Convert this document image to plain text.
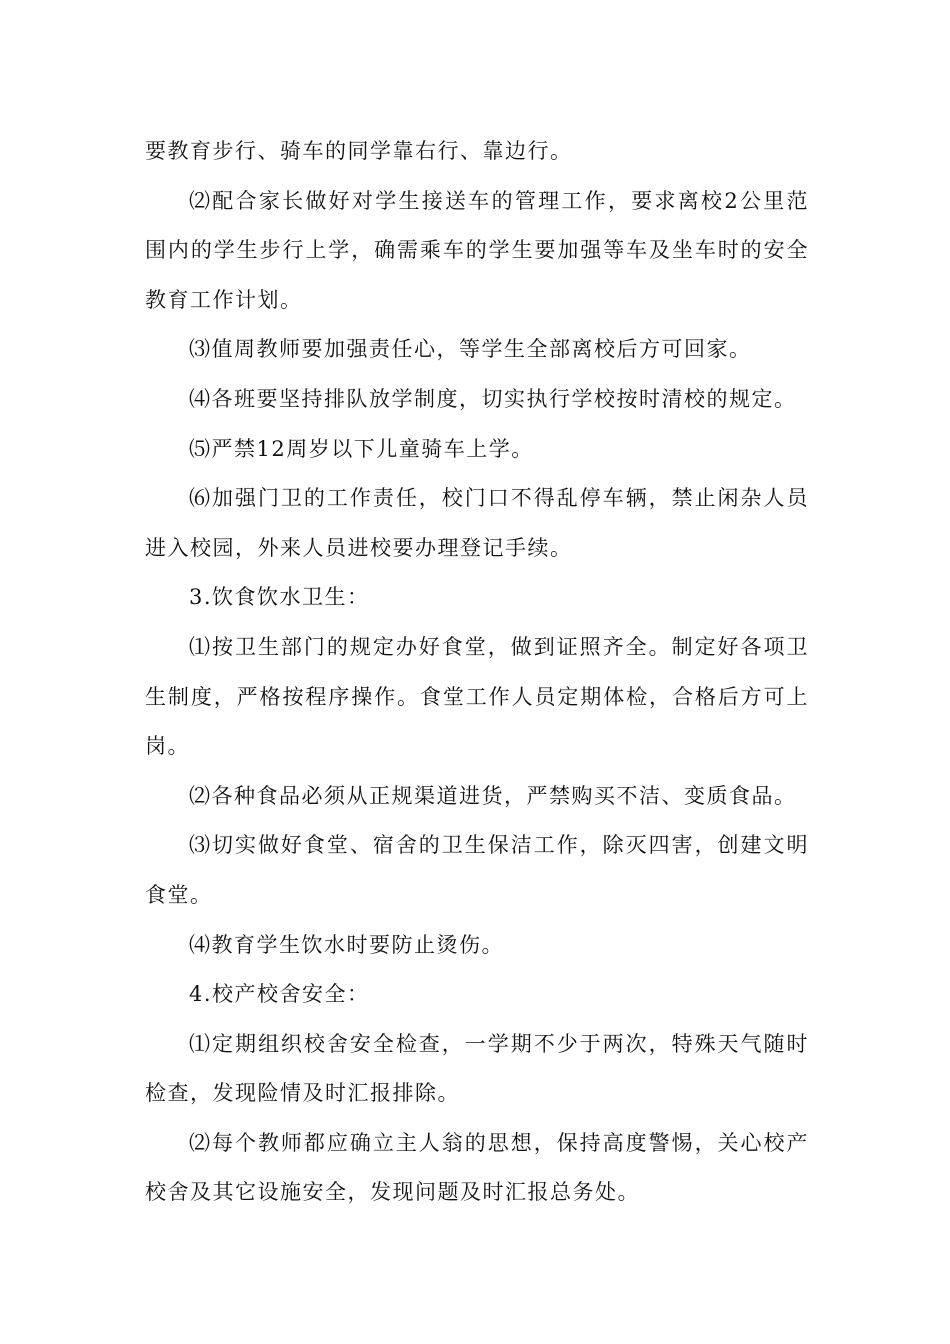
要教育步行、骑车的同学靠右行、靠边行。

⑵配合家长做好对学生接送车的管理工作，要求离校2公里范围内的学生步行上学，确需乘车的学生要加强等车及坐车时的安全教育工作计划。

⑶值周教师要加强责任心，等学生全部离校后方可回家。

⑷各班要坚持排队放学制度，切实执行学校按时清校的规定。

⑸严禁12周岁以下儿童骑车上学。

⑹加强门卫的工作责任，校门口不得乱停车辆，禁止闲杂人员进入校园，外来人员进校要办理登记手续。

3.饮食饮水卫生：

⑴按卫生部门的规定办好食堂，做到证照齐全。制定好各项卫生制度，严格按程序操作。食堂工作人员定期体检，合格后方可上岗。

⑵各种食品必须从正规渠道进货，严禁购买不洁、变质食品。

⑶切实做好食堂、宿舍的卫生保洁工作，除灭四害，创建文明食堂。

⑷教育学生饮水时要防止烫伤。

4.校产校舍安全：

⑴定期组织校舍安全检查，一学期不少于两次，特殊天气随时检查，发现险情及时汇报排除。

⑵每个教师都应确立主人翁的思想，保持高度警惕，关心校产校舍及其它设施安全，发现问题及时汇报总务处。
